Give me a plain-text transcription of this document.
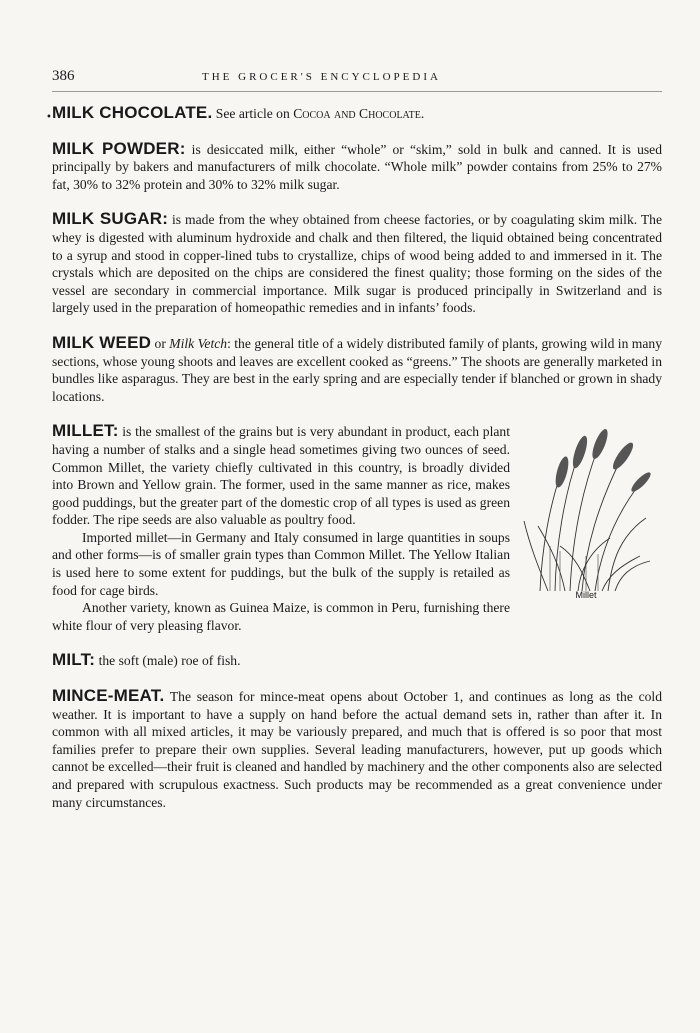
•
386	THE GROCER'S ENCYCLOPEDIA

MILK CHOCOLATE. See article on Cocoa and Chocolate.

MILK POWDER: is desiccated milk, either “whole” or “skim,” sold in bulk and canned. It is used principally by bakers and manufacturers of milk chocolate. “Whole milk” powder contains from 25% to 27% fat, 30% to 32% protein and 30% to 32% milk sugar.

MILK SUGAR: is made from the whey obtained from cheese factories, or by coagulating skim milk. The whey is digested with aluminum hydroxide and chalk and then filtered, the liquid obtained being concentrated to a syrup and stood in copper-lined tubs to crystallize, chips of wood being added to and immersed in it. The crystals which are deposited on the chips are considered the finest quality; those forming on the sides of the vessel are secondary in commercial importance. Milk sugar is produced principally in Switzerland and is largely used in the preparation of homeopathic remedies and in infants’ foods.

MILK WEED or Milk Vetch: the general title of a widely distributed family of plants, growing wild in many sections, whose young shoots and leaves are excellent cooked as “greens.” The shoots are generally marketed in bundles like asparagus. They are best in the early spring and are especially tender if blanched or grown in shady locations.

MILLET:
Millet
is the smallest of the grains but is very abundant in product, each plant having a number of stalks and a single head sometimes giving two ounces of seed. Common Millet, the variety chiefly cultivated in this country, is broadly divided into Brown and Yellow grain. The former, used in the same manner as rice, makes good puddings, but the greater part of the domestic crop of all types is used as green fodder. The ripe seeds are also valuable as poultry food.

Imported millet—in Germany and Italy consumed in large quantities in soups and other forms—is of smaller grain types than Common Millet. The Yellow Italian is used here to some extent for puddings, but the bulk of the supply is retailed as food for cage birds.

Another variety, known as Guinea Maize, is common in Peru, furnishing there white flour of very pleasing flavor.

MILT: the soft (male) roe of fish.

MINCE-MEAT. The season for mince-meat opens about October 1, and continues as long as the cold weather. It is important to have a supply on hand before the actual demand sets in, rather than after it. In common with all mixed articles, it may be variously prepared, and much that is offered is so poor that most families prefer to prepare their own supplies. Several leading manufacturers, however, put up goods which cannot be excelled—their fruit is cleaned and handled by machinery and the other components also are selected and prepared with scrupulous exactness. Such products may be recommended as a great convenience under many circumstances.
